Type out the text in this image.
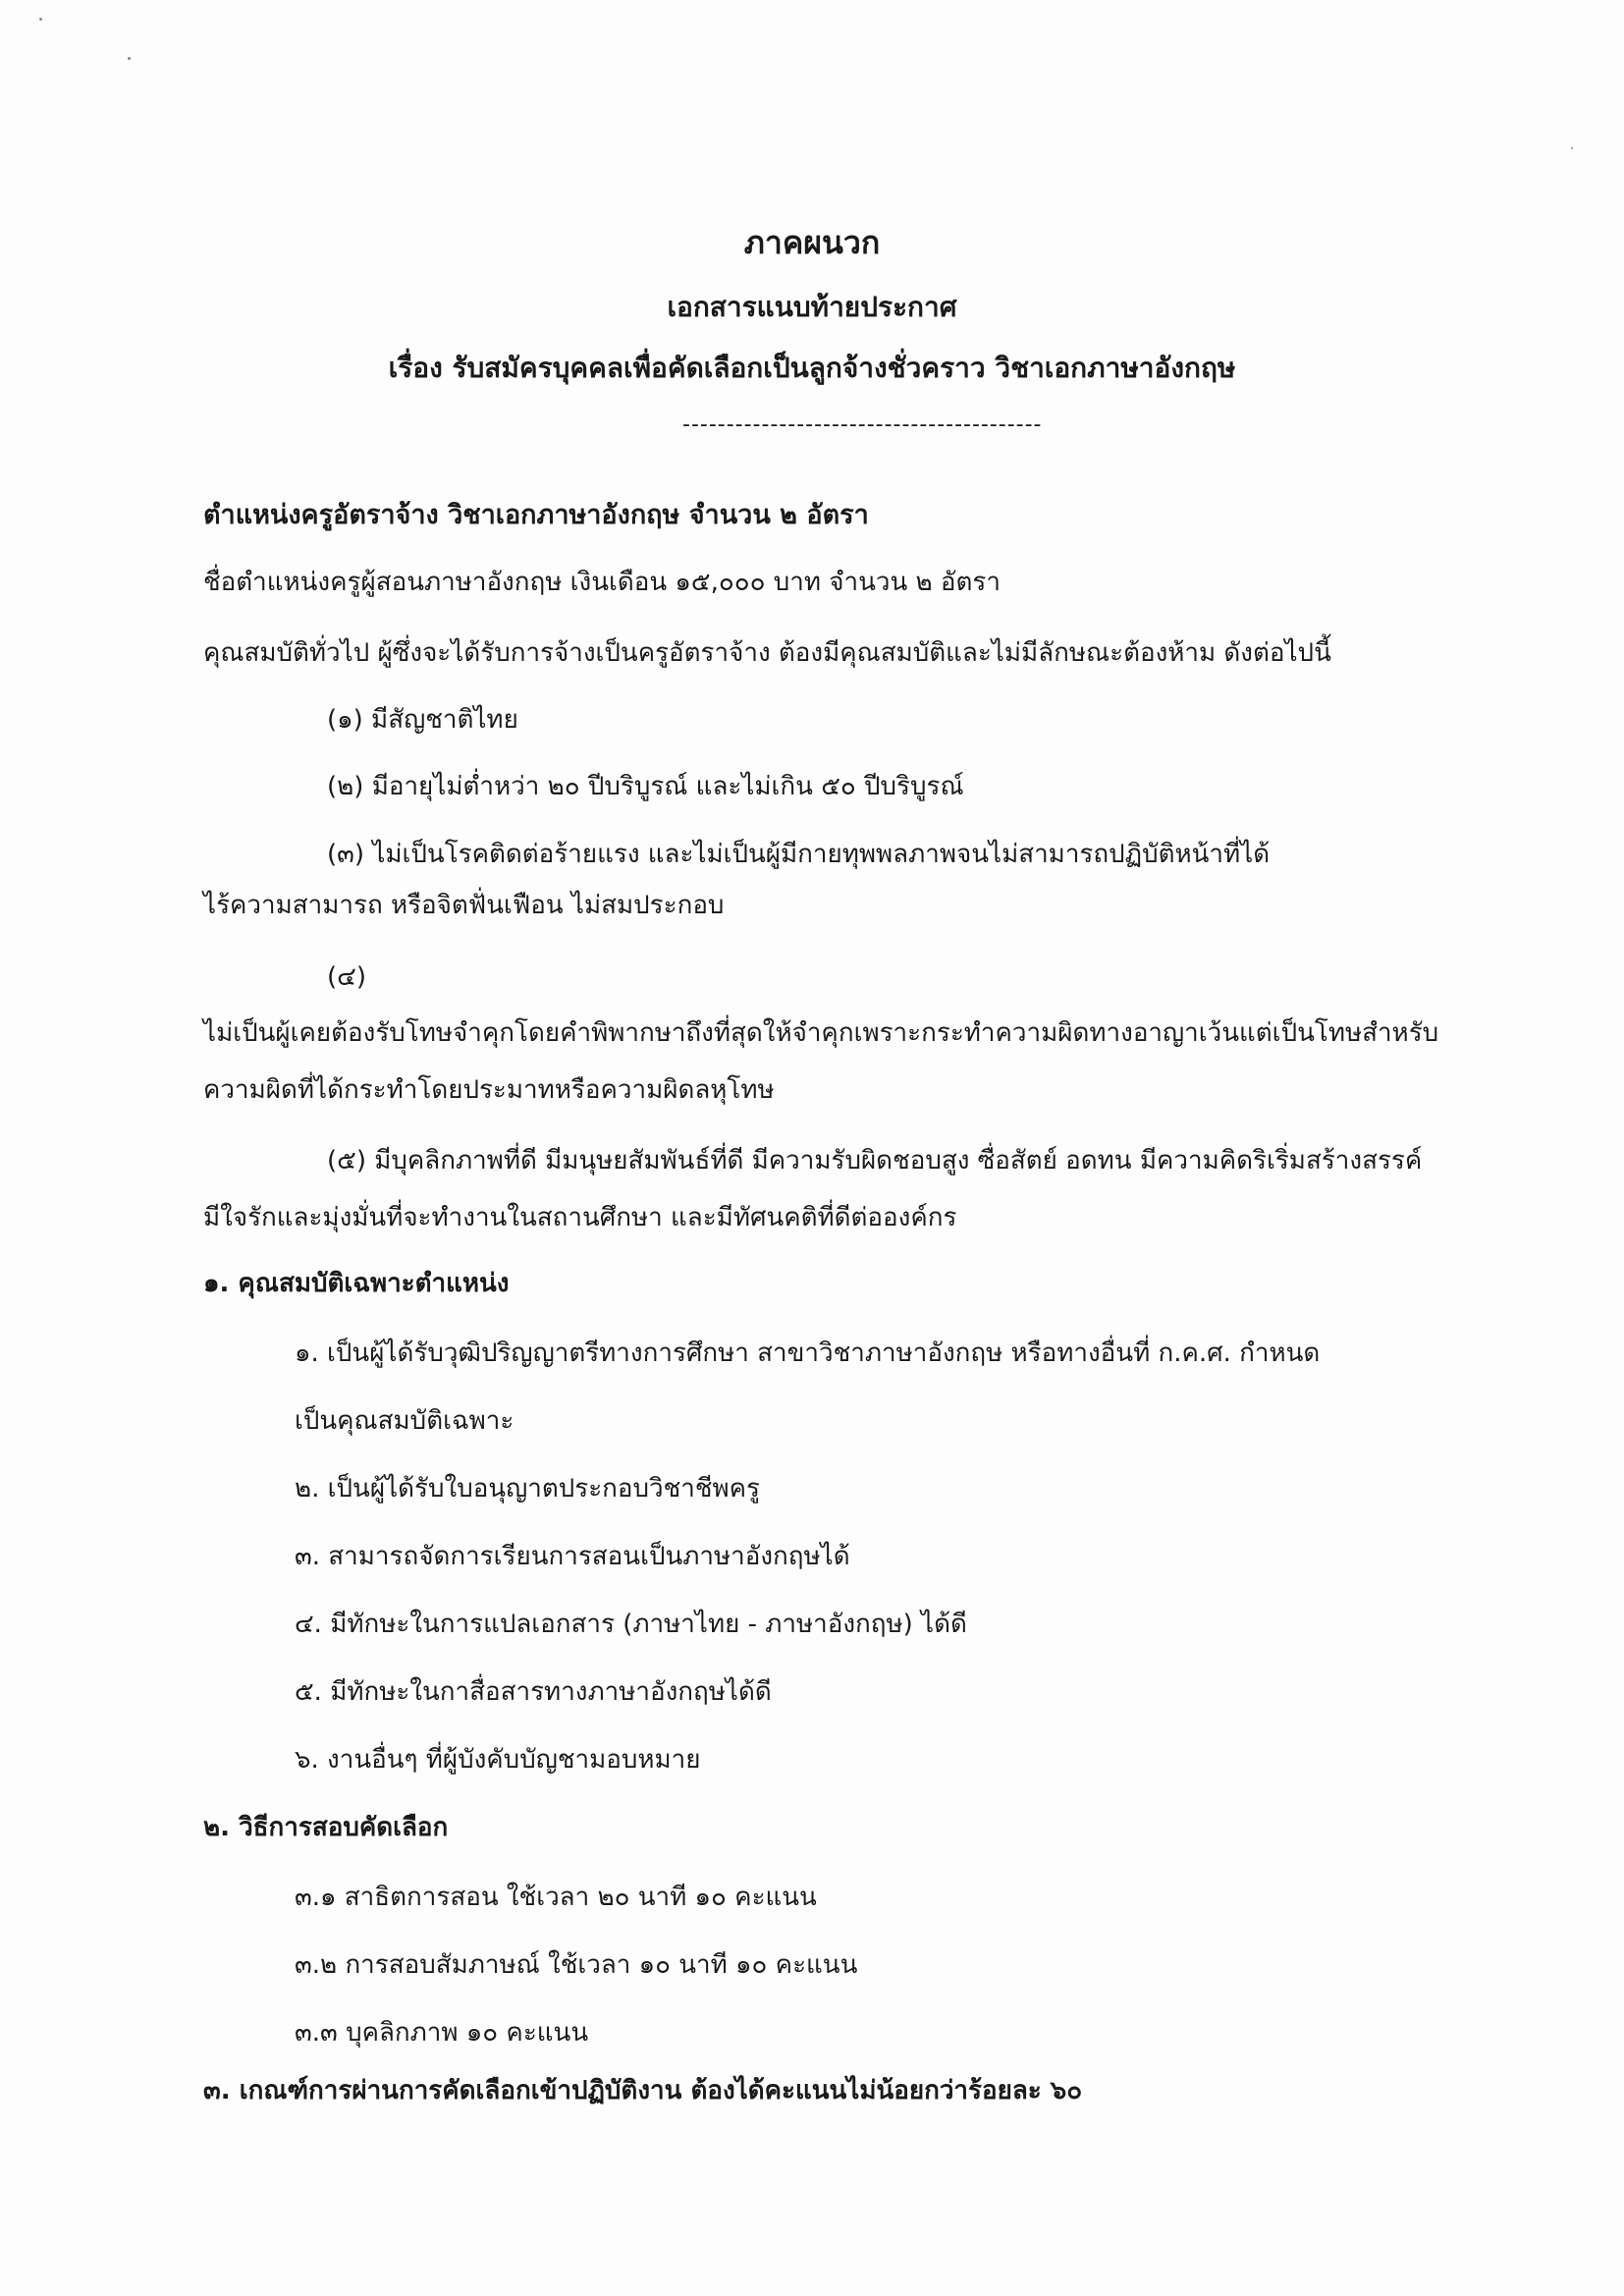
ภาคผนวก
เอกสารแนบท้ายประกาศ
เรื่อง รับสมัครบุคคลเพื่อคัดเลือกเป็นลูกจ้างชั่วคราว วิชาเอกภาษาอังกฤษ
-----------------------------------------
ตำแหน่งครูอัตราจ้าง วิชาเอกภาษาอังกฤษ จำนวน ๒ อัตรา
ชื่อตำแหน่งครูผู้สอนภาษาอังกฤษ เงินเดือน ๑๕,๐๐๐ บาท จำนวน ๒ อัตรา
คุณสมบัติทั่วไป ผู้ซึ่งจะได้รับการจ้างเป็นครูอัตราจ้าง ต้องมีคุณสมบัติและไม่มีลักษณะต้องห้าม ดังต่อไปนี้
(๑) มีสัญชาติไทย
(๒) มีอายุไม่ต่ำหว่า ๒๐ ปีบริบูรณ์ และไม่เกิน ๕๐ ปีบริบูรณ์
(๓) ไม่เป็นโรคติดต่อร้ายแรง และไม่เป็นผู้มีกายทุพพลภาพจนไม่สามารถปฏิบัติหน้าที่ได้
ไร้ความสามารถ หรือจิตฟั่นเฟือน ไม่สมประกอบ
(๔)
ไม่เป็นผู้เคยต้องรับโทษจำคุกโดยคำพิพากษาถึงที่สุดให้จำคุกเพราะกระทำความผิดทางอาญาเว้นแต่เป็นโทษสำหรับ
ความผิดที่ได้กระทำโดยประมาทหรือความผิดลหุโทษ
(๕) มีบุคลิกภาพที่ดี มีมนุษยสัมพันธ์ที่ดี มีความรับผิดชอบสูง ซื่อสัตย์ อดทน มีความคิดริเริ่มสร้างสรรค์
มีใจรักและมุ่งมั่นที่จะทำงานในสถานศึกษา และมีทัศนคติที่ดีต่อองค์กร
๑. คุณสมบัติเฉพาะตำแหน่ง
๑. เป็นผู้ได้รับวุฒิปริญญาตรีทางการศึกษา สาขาวิชาภาษาอังกฤษ หรือทางอื่นที่ ก.ค.ศ. กำหนด
เป็นคุณสมบัติเฉพาะ
๒. เป็นผู้ได้รับใบอนุญาตประกอบวิชาชีพครู
๓. สามารถจัดการเรียนการสอนเป็นภาษาอังกฤษได้
๔. มีทักษะในการแปลเอกสาร (ภาษาไทย - ภาษาอังกฤษ) ได้ดี
๕. มีทักษะในกาสื่อสารทางภาษาอังกฤษได้ดี
๖. งานอื่นๆ ที่ผู้บังคับบัญชามอบหมาย
๒. วิธีการสอบคัดเลือก
๓.๑ สาธิตการสอน ใช้เวลา ๒๐ นาที ๑๐ คะแนน
๓.๒ การสอบสัมภาษณ์ ใช้เวลา ๑๐ นาที ๑๐ คะแนน
๓.๓ บุคลิกภาพ ๑๐ คะแนน
๓. เกณฑ์การผ่านการคัดเลือกเข้าปฏิบัติงาน ต้องได้คะแนนไม่น้อยกว่าร้อยละ ๖๐
